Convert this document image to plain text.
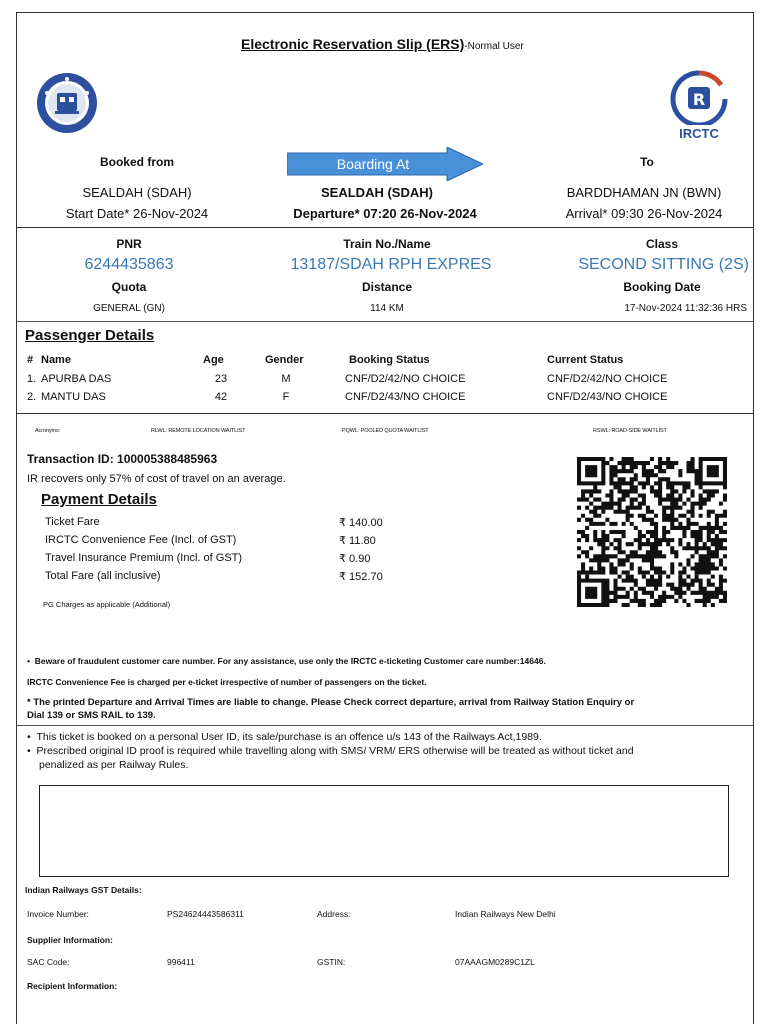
Electronic Reservation Slip (ERS)-Normal User
R
IRCTC
Booked from	Boarding At	To
SEALDAH (SDAH)	SEALDAH (SDAH)	BARDDHAMAN JN (BWN)
Start Date* 26-Nov-2024	Departure* 07:20 26-Nov-2024	Arrival* 09:30 26-Nov-2024
PNR	Train No./Name	Class
6244435863	13187/SDAH RPH EXPRES	SECOND SITTING (2S)
Quota	Distance	Booking Date
GENERAL (GN)	114 KM	17-Nov-2024 11:32:36 HRS
Passenger Details
# Name	Age	Gender	Booking Status	Current Status
1. APURBA DAS	23	M	CNF/D2/42/NO CHOICE	CNF/D2/42/NO CHOICE
2. MANTU DAS	42	F	CNF/D2/43/NO CHOICE	CNF/D2/43/NO CHOICE
Acronyms:	RLWL: REMOTE LOCATION WAITLIST	PQWL: POOLED QUOTA WAITLIST	RSWL: ROAD-SIDE WAITLIST
Transaction ID: 100005388485963
IR recovers only 57% of cost of travel on an average.
Payment Details
Ticket Fare	₹ 140.00
IRCTC Convenience Fee (Incl. of GST)	₹ 11.80
Travel Insurance Premium (Incl. of GST)	₹ 0.90
Total Fare (all inclusive)	₹ 152.70
PG Charges as applicable (Additional)
•  Beware of fraudulent customer care number. For any assistance, use only the IRCTC e-ticketing Customer care number:14646.
IRCTC Convenience Fee is charged per e-ticket irrespective of number of passengers on the ticket.
* The printed Departure and Arrival Times are liable to change. Please Check correct departure, arrival from Railway Station Enquiry or
Dial 139 or SMS RAIL to 139.
•  This ticket is booked on a personal User ID, its sale/purchase is an offence u/s 143 of the Railways Act,1989.
•  Prescribed original ID proof is required while travelling along with SMS/ VRM/ ERS otherwise will be treated as without ticket and
penalized as per Railway Rules.
Indian Railways GST Details:
Invoice Number:	PS24624443586311	Address:	Indian Railways New Delhi
Supplier Information:
SAC Code:	996411	GSTIN:	07AAAGM0289C1ZL
Recipient Information:
